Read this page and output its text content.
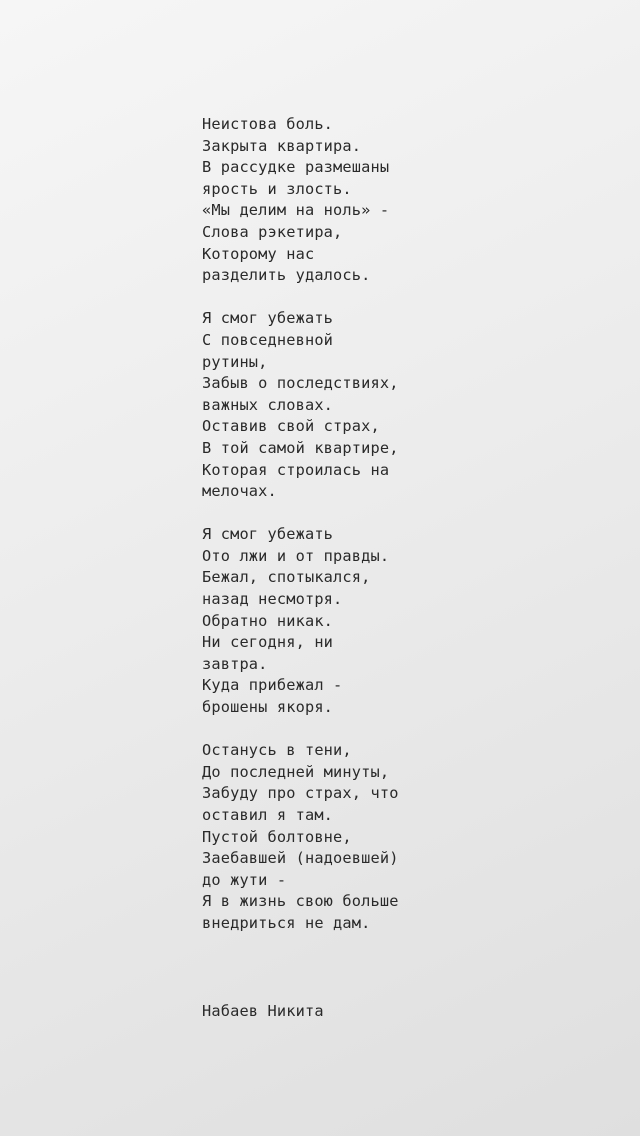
Неистова боль.
Закрыта квартира.
В рассудке размешаны
ярость и злость.
«Мы делим на ноль» -
Слова рэкетира,
Которому нас
разделить удалось.
Я смог убежать
С повседневной
рутины,
Забыв о последствиях,
важных словах.
Оставив свой страх,
В той самой квартире,
Которая строилась на
мелочах.
Я смог убежать
Ото лжи и от правды.
Бежал, спотыкался,
назад несмотря.
Обратно никак.
Ни сегодня, ни
завтра.
Куда прибежал -
брошены якоря.
Останусь в тени,
До последней минуты,
Забуду про страх, что
оставил я там.
Пустой болтовне,
Заебавшей (надоевшей)
до жути -
Я в жизнь свою больше
внедриться не дам.
Набаев Никита
